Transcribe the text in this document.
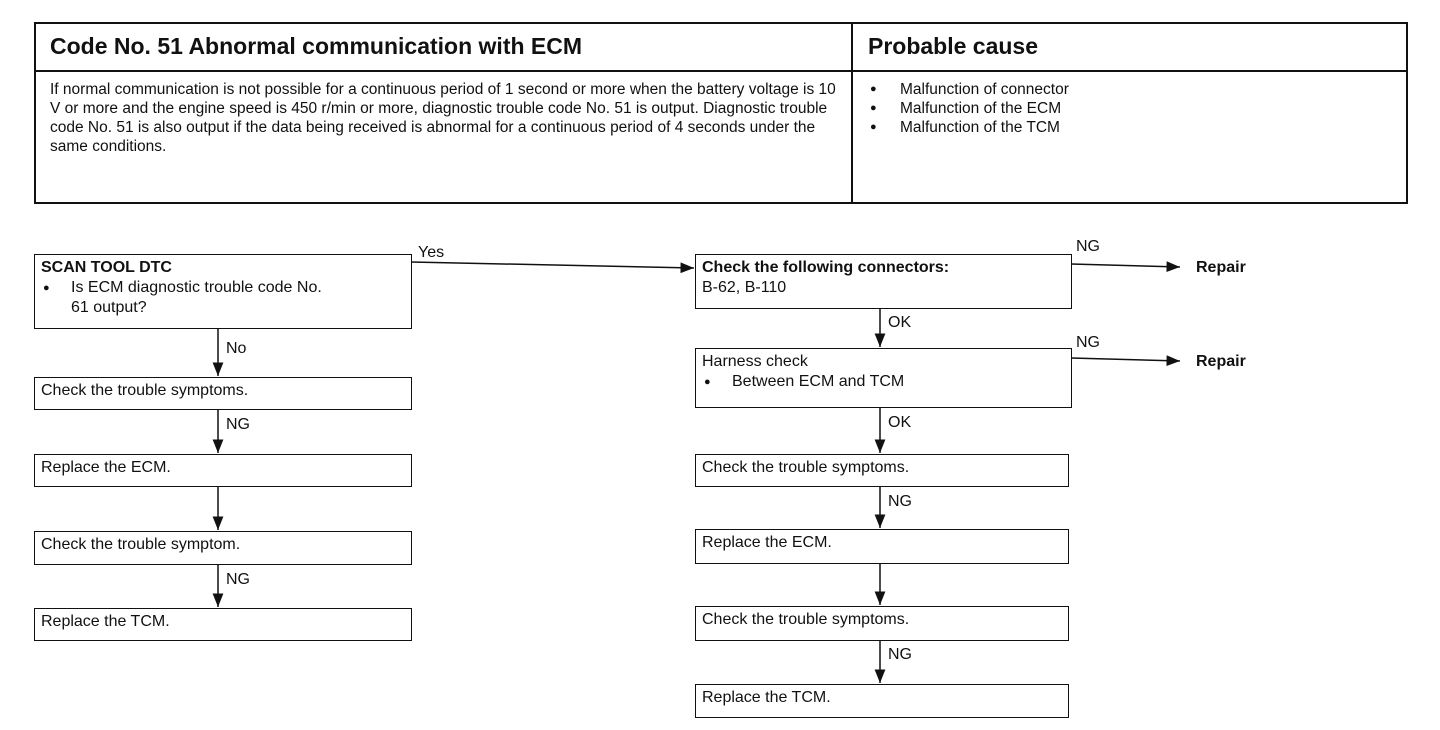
Code No. 51 Abnormal communication with ECM	Probable cause
If normal communication is not possible for a continuous period of 1 second or more when the battery voltage is 10 V or more and the engine speed is 450 r/min or more, diagnostic trouble code No. 51 is output. Diagnostic trouble code No. 51 is also output if the data being received is abnormal for a continuous period of 4 seconds under the same conditions.
● Malfunction of connector
● Malfunction of the ECM
● Malfunction of the TCM
SCAN TOOL DTC
● Is ECM diagnostic trouble code No.
61 output?
Yes
No
Check the trouble symptoms.
NG
Replace the ECM.
Check the trouble symptom.
NG
Replace the TCM.
Check the following connectors:
B-62, B-110
NG
Repair
OK
Harness check
● Between ECM and TCM
NG
Repair
OK
Check the trouble symptoms.
NG
Replace the ECM.
Check the trouble symptoms.
NG
Replace the TCM.
